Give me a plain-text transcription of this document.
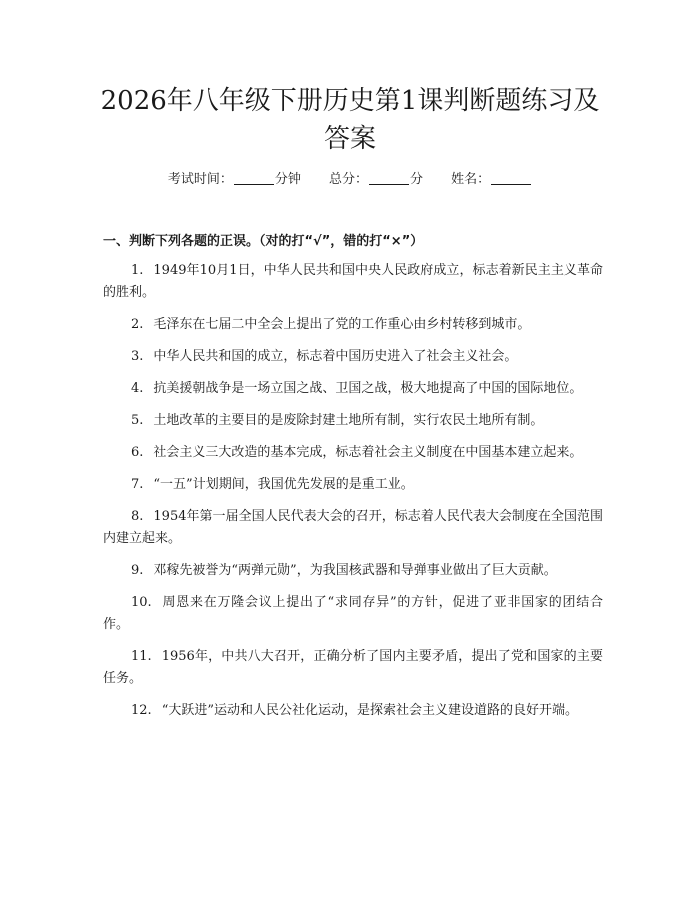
2026年八年级下册历史第1课判断题练习及答案
考试时间：	分钟 总分：	分 姓名：
一、判断下列各题的正误。（对的打“√”，错的打“×”）
1. 1949年10月1日，中华人民共和国中央人民政府成立，标志着新民主主义革命的胜利。
2. 毛泽东在七届二中全会上提出了党的工作重心由乡村转移到城市。
3. 中华人民共和国的成立，标志着中国历史进入了社会主义社会。
4. 抗美援朝战争是一场立国之战、卫国之战，极大地提高了中国的国际地位。
5. 土地改革的主要目的是废除封建土地所有制，实行农民土地所有制。
6. 社会主义三大改造的基本完成，标志着社会主义制度在中国基本建立起来。
7. “一五”计划期间，我国优先发展的是重工业。
8. 1954年第一届全国人民代表大会的召开，标志着人民代表大会制度在全国范围内建立起来。
9. 邓稼先被誉为“两弹元勋”，为我国核武器和导弹事业做出了巨大贡献。
10. 周恩来在万隆会议上提出了“求同存异”的方针，促进了亚非国家的团结合作。
11. 1956年，中共八大召开，正确分析了国内主要矛盾，提出了党和国家的主要任务。
12. “大跃进”运动和人民公社化运动，是探索社会主义建设道路的良好开端。
